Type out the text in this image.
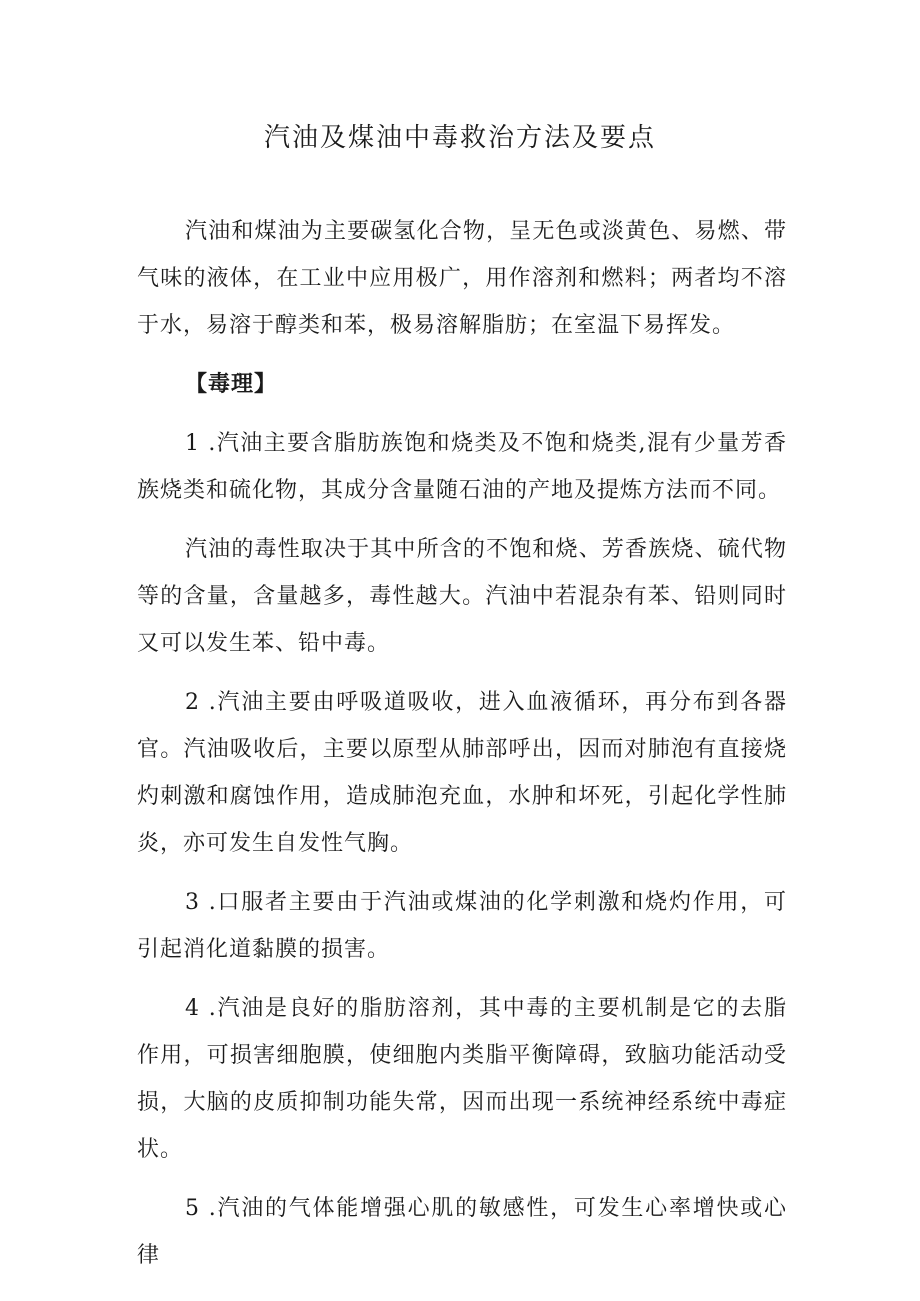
汽油及煤油中毒救治方法及要点

汽油和煤油为主要碳氢化合物，呈无色或淡黄色、易燃、带气味的液体，在工业中应用极广，用作溶剂和燃料；两者均不溶于水，易溶于醇类和苯，极易溶解脂肪；在室温下易挥发。

【毒理】

1 .汽油主要含脂肪族饱和烧类及不饱和烧类,混有少量芳香族烧类和硫化物，其成分含量随石油的产地及提炼方法而不同。

汽油的毒性取决于其中所含的不饱和烧、芳香族烧、硫代物等的含量，含量越多，毒性越大。汽油中若混杂有苯、铅则同时又可以发生苯、铅中毒。

2 .汽油主要由呼吸道吸收，进入血液循环，再分布到各器官。汽油吸收后，主要以原型从肺部呼出，因而对肺泡有直接烧灼刺激和腐蚀作用，造成肺泡充血，水肿和坏死，引起化学性肺炎，亦可发生自发性气胸。

3 .口服者主要由于汽油或煤油的化学刺激和烧灼作用，可引起消化道黏膜的损害。

4 .汽油是良好的脂肪溶剂，其中毒的主要机制是它的去脂作用，可损害细胞膜，使细胞内类脂平衡障碍，致脑功能活动受损，大脑的皮质抑制功能失常，因而出现一系统神经系统中毒症状。

5 .汽油的气体能增强心肌的敏感性，可发生心率增快或心律
